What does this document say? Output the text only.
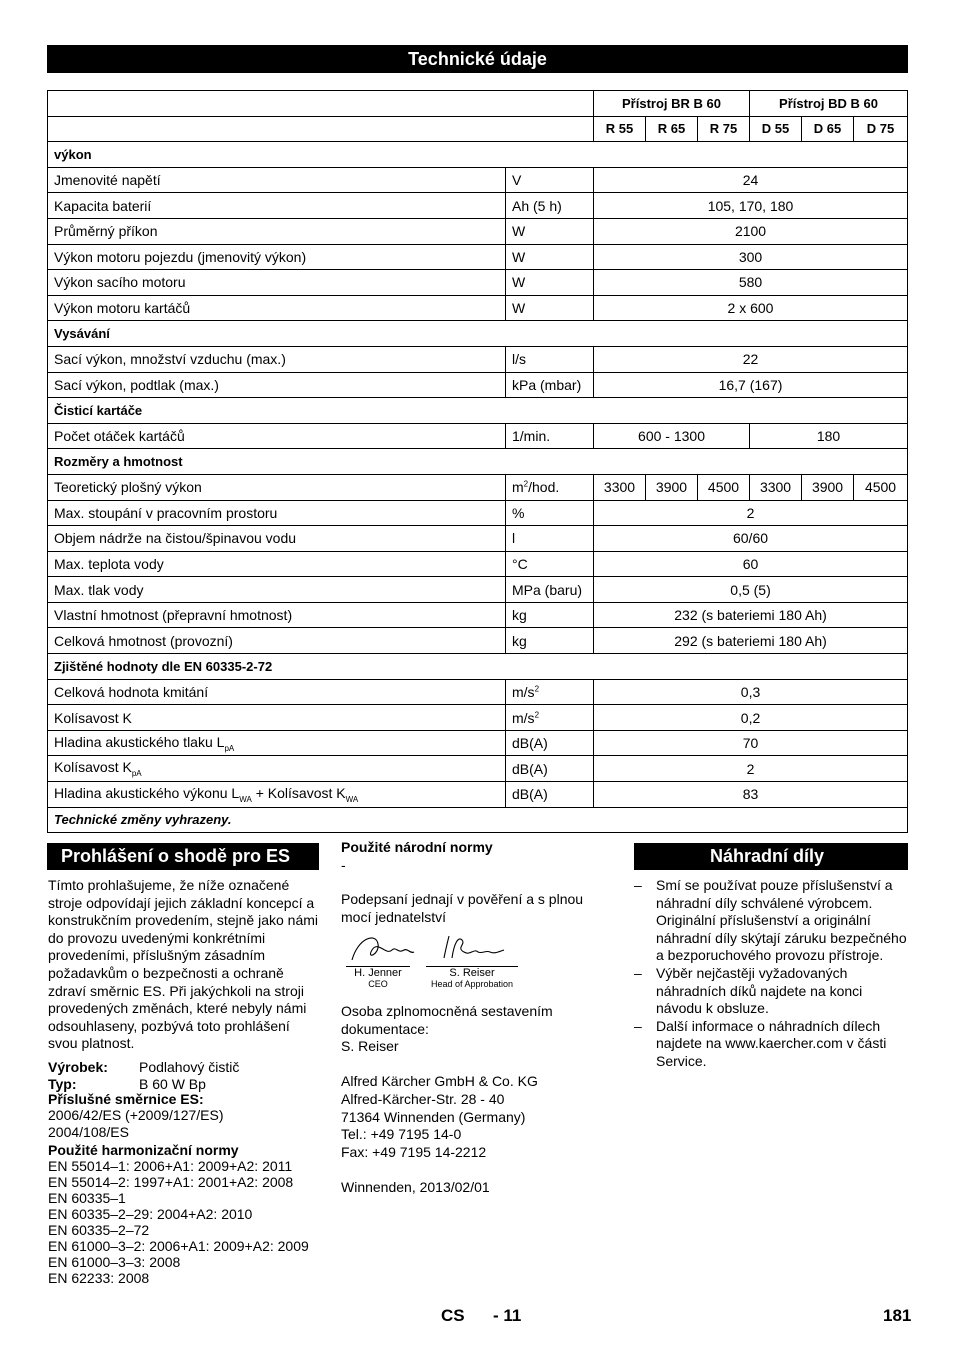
Technické údaje
		Přístroj BR B 60			Přístroj BD B 60		
		R 55	R 65	R 75	D 55	D 65	D 75
výkon							
Jmenovité napětí	V	24					
Kapacita baterií	Ah (5 h)	105, 170, 180					
Průměrný příkon	W	2100					
Výkon motoru pojezdu (jmenovitý výkon)	W	300					
Výkon sacího motoru	W	580					
Výkon motoru kartáčů	W	2 x 600					
Vysávání							
Sací výkon, množství vzduchu (max.)	l/s	22					
Sací výkon, podtlak (max.)	kPa (mbar)	16,7 (167)					
Čisticí kartáče							
Počet otáček kartáčů	1/min.	600 - 1300			180		
Rozměry a hmotnost							
Teoretický plošný výkon	$m^2$/hod.	3300	3900	4500	3300	3900	4500
Max. stoupání v pracovním prostoru	%	2					
Objem nádrže na čistou/špinavou vodu	l	60/60					
Max. teplota vody	°C	60					
Max. tlak vody	MPa (baru)	0,5 (5)					
Vlastní hmotnost (přepravní hmotnost)	kg	232 (s bateriemi 180 Ah)					
Celková hmotnost (provozní)	kg	292 (s bateriemi 180 Ah)					
Zjištěné hodnoty dle EN 60335-2-72							
Celková hodnota kmitání	$m/s^2$	0,3					
Kolísavost K	$m/s^2$	0,2					
Hladina akustického tlaku $L_{pA}$	dB(A)	70					
Kolísavost $K_{pA}$	dB(A)	2					
Hladina akustického výkonu $L_{WA}$ + Kolísavost $K_{WA}$	dB(A)	83					
Technické změny vyhrazeny.							
Prohlášení o shodě pro ES

Tímto prohlašujeme, že níže označené stroje odpovídají jejich základní koncepcí a konstrukčním provedením, stejně jako námi do provozu uvedenými konkrétními provedeními, příslušným zásadním požadavkům o bezpečnosti a ochraně zdraví směrnic ES. Při jakýchkoli na stroji provedených změnách, které nebyly námi odsouhlaseny, pozbývá toto prohlášení svou platnost.

Výrobek:	Podlahový čistič
Typ:	B 60 W Bp

Příslušné směrnice ES:

2006/42/ES (+2009/127/ES)

2004/108/ES

Použité harmonizační normy

EN 55014–1: 2006+A1: 2009+A2: 2011

EN 55014–2: 1997+A1: 2001+A2: 2008

EN 60335–1

EN 60335–2–29: 2004+A2: 2010

EN 60335–2–72

EN 61000–3–2: 2006+A1: 2009+A2: 2009

EN 61000–3–3: 2008

EN 62233: 2008

Použité národní normy

-

Podepsaní jednají v pověření a s plnou mocí jednatelství

H. Jenner
CEO
S. Reiser
Head of Approbation

Osoba zplnomocněná sestavením dokumentace:

S. Reiser

Alfred Kärcher GmbH & Co. KG

Alfred-Kärcher-Str. 28 - 40

71364 Winnenden (Germany)

Tel.: +49 7195 14-0

Fax: +49 7195 14-2212

Winnenden, 2013/02/01

Náhradní díly
– Smí se používat pouze příslušenství a náhradní díly schválené výrobcem. Originální příslušenství a originální náhradní díly skýtají záruku bezpečného a bezporuchového provozu přístroje.
– Výběr nejčastěji vyžadovaných náhradních díků najdete na konci návodu k obsluze.
– Další informace o náhradních dílech najdete na www.kaercher.com v části Service.
CS - 11	181
